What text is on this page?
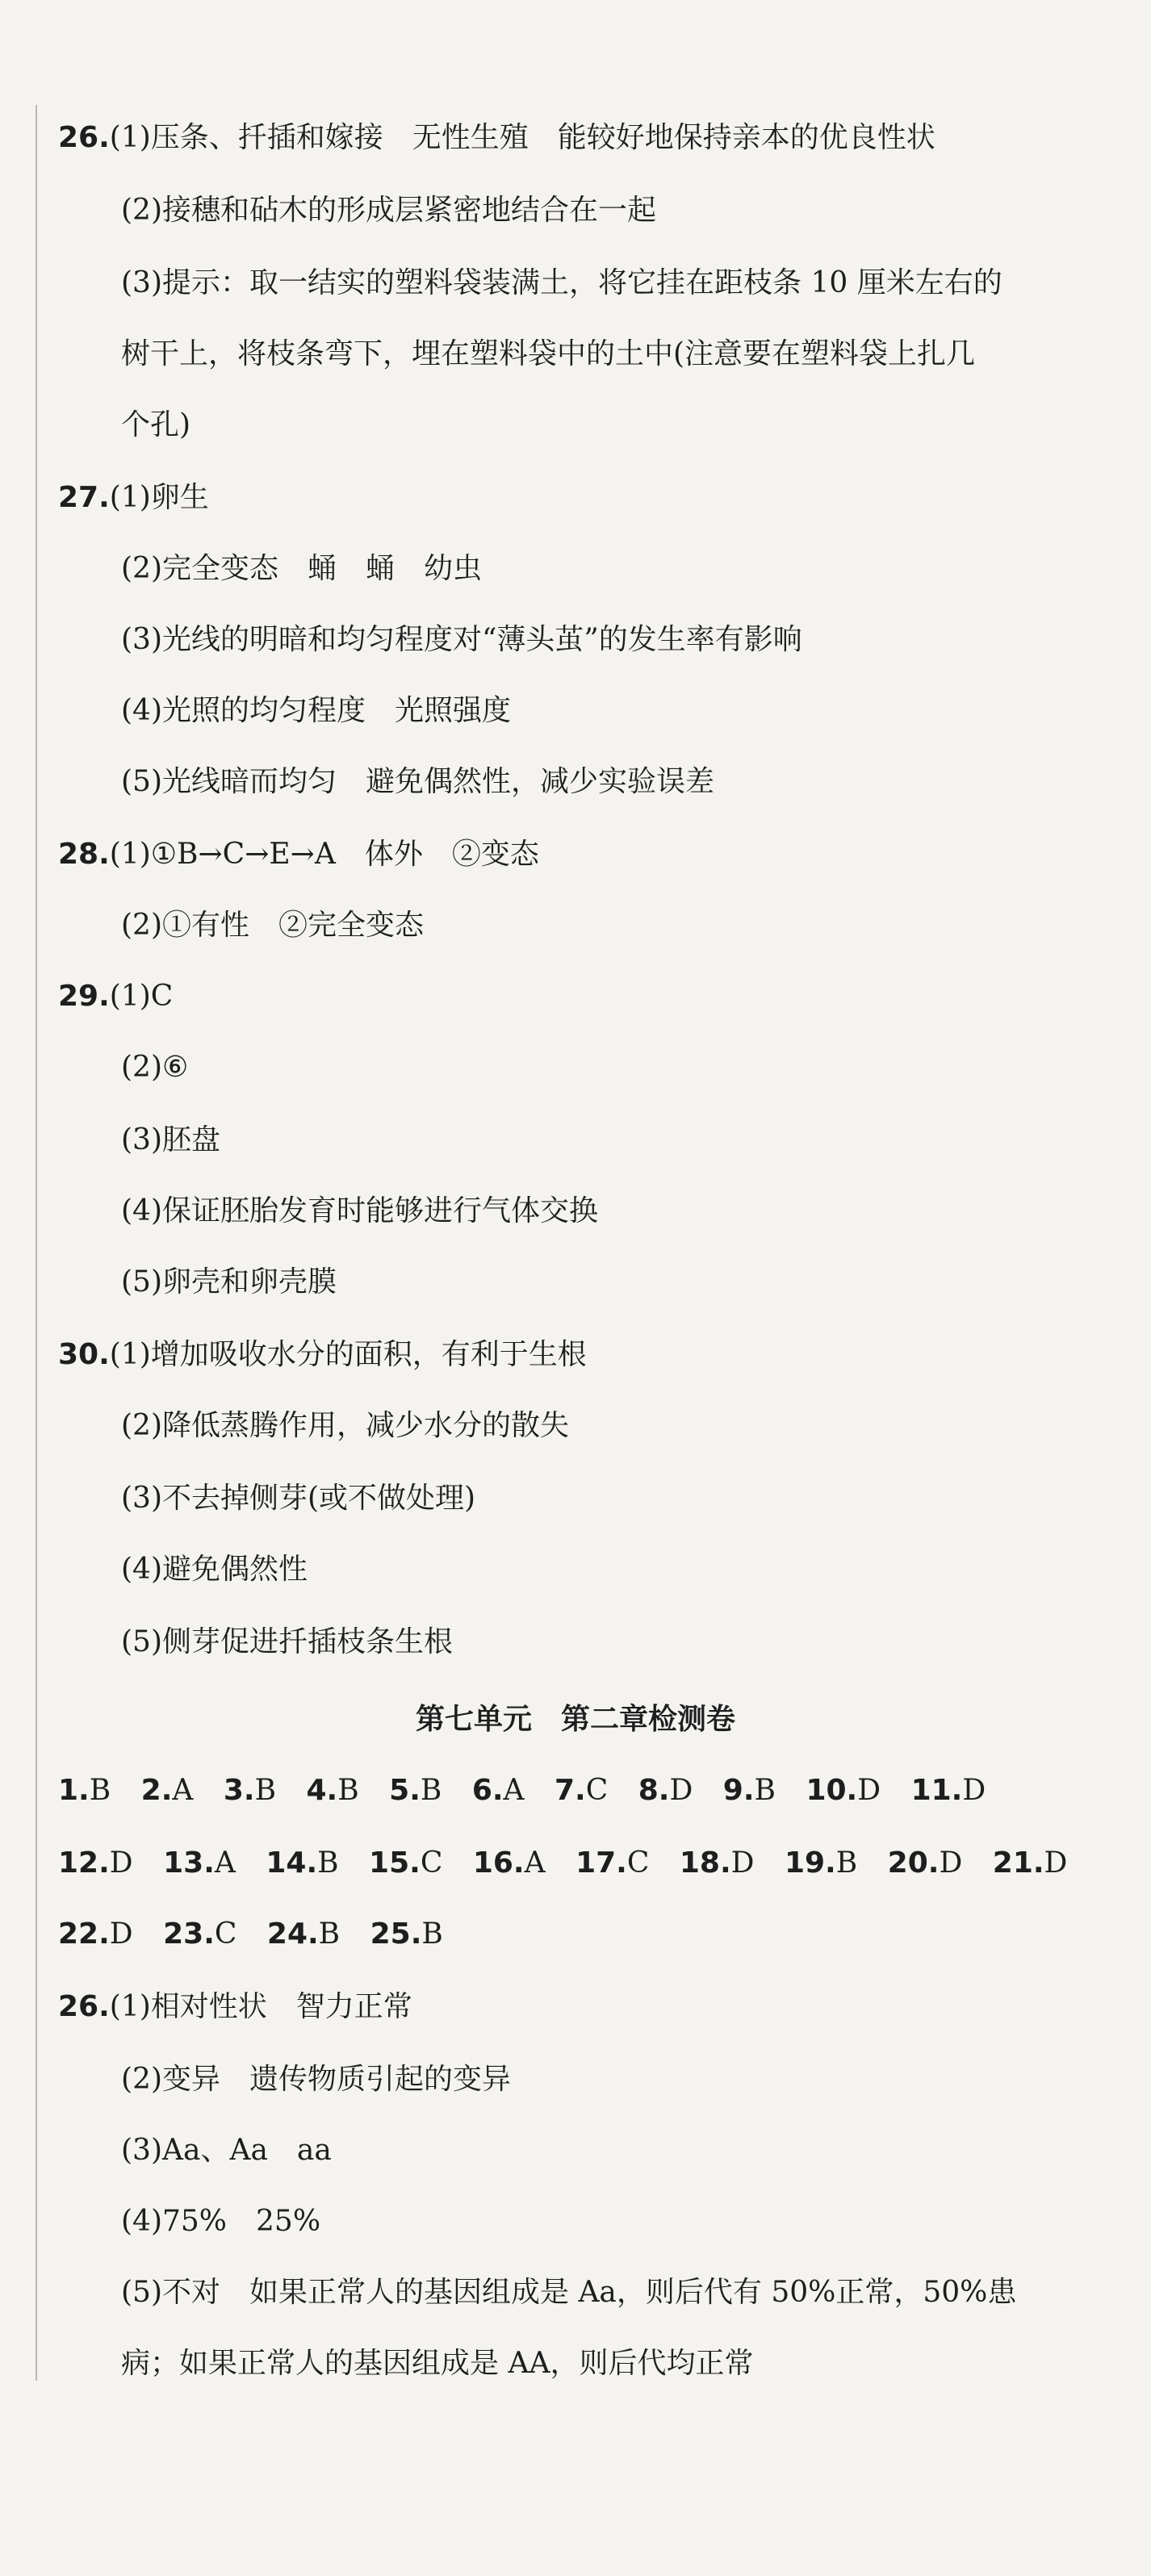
26.(1)压条、扦插和嫁接　无性生殖　能较好地保持亲本的优良性状
(2)接穗和砧木的形成层紧密地结合在一起
(3)提示：取一结实的塑料袋装满土，将它挂在距枝条 10 厘米左右的
树干上，将枝条弯下，埋在塑料袋中的土中(注意要在塑料袋上扎几
个孔)
27.(1)卵生
(2)完全变态　蛹　蛹　幼虫
(3)光线的明暗和均匀程度对“薄头茧”的发生率有影响
(4)光照的均匀程度　光照强度
(5)光线暗而均匀　避免偶然性，减少实验误差
28.(1)①B→C→E→A　体外　②变态
(2)①有性　②完全变态
29.(1)C
(2)⑥
(3)胚盘
(4)保证胚胎发育时能够进行气体交换
(5)卵壳和卵壳膜
30.(1)增加吸收水分的面积，有利于生根
(2)降低蒸腾作用，减少水分的散失
(3)不去掉侧芽(或不做处理)
(4)避免偶然性
(5)侧芽促进扦插枝条生根
第七单元　第二章检测卷
1.B 2.A 3.B 4.B 5.B 6.A 7.C 8.D 9.B 10.D 11.D
12.D 13.A 14.B 15.C 16.A 17.C 18.D 19.B 20.D 21.D
22.D 23.C 24.B 25.B
26.(1)相对性状　智力正常
(2)变异　遗传物质引起的变异
(3)Aa、Aa　aa
(4)75%　25%
(5)不对　如果正常人的基因组成是 Aa，则后代有 50%正常，50%患
病；如果正常人的基因组成是 AA，则后代均正常
